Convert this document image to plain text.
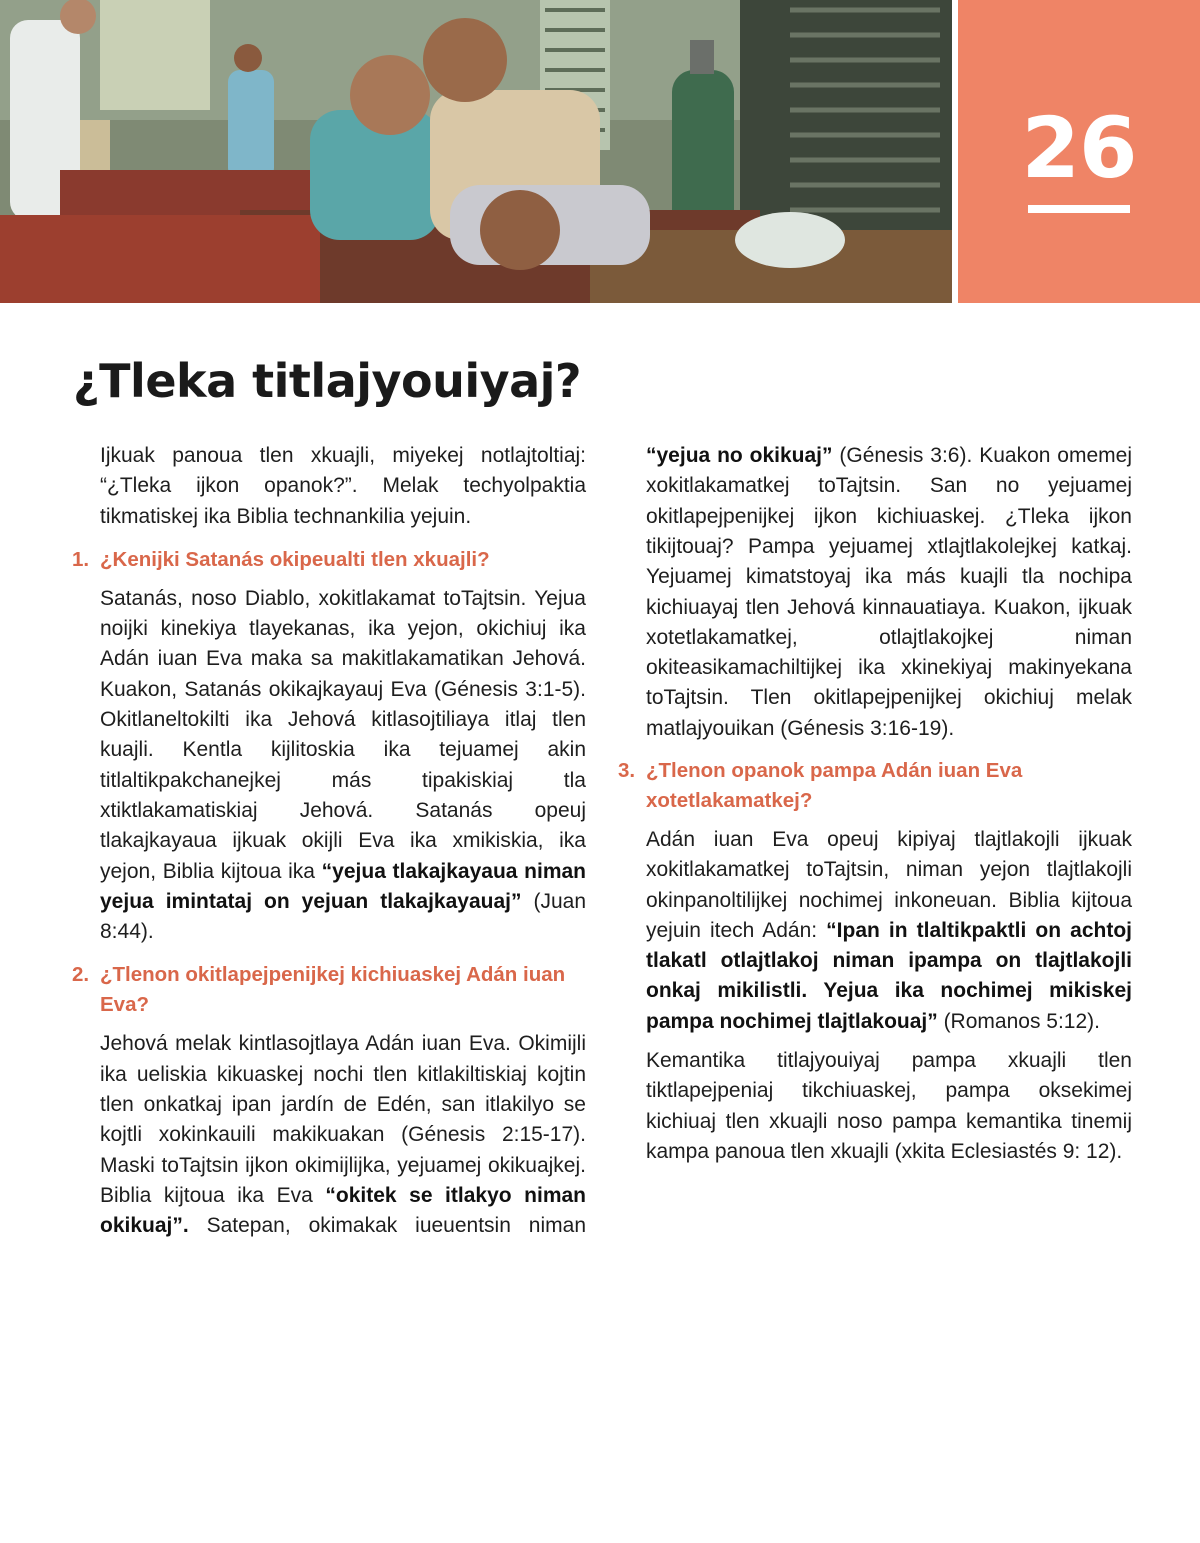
26
¿Tleka titlajyouiyaj?

Ijkuak panoua tlen xkuajli, miyekej notlajtoltiaj: “¿Tleka ijkon opanok?”. Melak techyolpaktia tikmatiskej ika Biblia technankilia yejuin.

1. ¿Kenijki Satanás okipeualti tlen xkuajli?

Satanás, noso Diablo, xokitlakamat toTajtsin. Yejua noijki kinekiya tlayekanas, ika yejon, okichiuj ika Adán iuan Eva maka sa makitlakamatikan Jehová. Kuakon, Satanás okikajkayauj Eva (Génesis 3:1-5). Okitlaneltokilti ika Jehová kitlasojtiliaya itlaj tlen kuajli. Kentla kijlitoskia ika tejuamej akin titlaltikpakchanejkej más tipakiskiaj tla xtiktlakamatiskiaj Jehová. Satanás opeuj tlakajkayaua ijkuak okijli Eva ika xmikiskia, ika yejon, Biblia kijtoua ika “yejua tlakajkayaua niman yejua imintataj on yejuan tlakajkayauaj” (Juan 8:44).

2. ¿Tlenon okitlapejpenijkej kichiuaskej Adán iuan Eva?

Jehová melak kintlasojtlaya Adán iuan Eva. Okimijli ika ueliskia kikuaskej nochi tlen kitlakiltiskiaj kojtin tlen onkatkaj ipan jardín de Edén, san itlakilyo se kojtli xokinkauili makikuakan (Génesis 2:15-17). Maski toTajtsin ijkon okimijlijka, yejuamej okikuajkej. Biblia kijtoua ika Eva “okitek se itlakyo niman okikuaj”. Satepan, okimakak iueuentsin niman

“yejua no okikuaj” (Génesis 3:6). Kuakon omemej xokitlakamatkej toTajtsin. San no yejuamej okitlapejpenijkej ijkon kichiuaskej. ¿Tleka ijkon tikijtouaj? Pampa yejuamej xtlajtlakolejkej katkaj. Yejuamej kimatstoyaj ika más kuajli tla nochipa kichiuayaj tlen Jehová kinnauatiaya. Kuakon, ijkuak xotetlakamatkej, otlajtlakojkej niman okiteasikamachiltijkej ika xkinekiyaj makinyekana toTajtsin. Tlen okitlapejpenijkej okichiuj melak matlajyouikan (Génesis 3:16-19).

3. ¿Tlenon opanok pampa Adán iuan Eva xotetlakamatkej?

Adán iuan Eva opeuj kipiyaj tlajtlakojli ijkuak xokitlakamatkej toTajtsin, niman yejon tlajtlakojli okinpanoltilijkej nochimej inkoneuan. Biblia kijtoua yejuin itech Adán: “Ipan in tlaltikpaktli on achtoj tlakatl otlajtlakoj niman ipampa on tlajtlakojli onkaj mikilistli. Yejua ika nochimej mikiskej pampa nochimej tlajtlakouaj” (Romanos 5:12).

Kemantika titlajyouiyaj pampa xkuajli tlen tiktlapejpeniaj tikchiuaskej, pampa oksekimej kichiuaj tlen xkuajli noso pampa kemantika tinemij kampa panoua tlen xkuajli (xkita Eclesiastés 9: 12).
